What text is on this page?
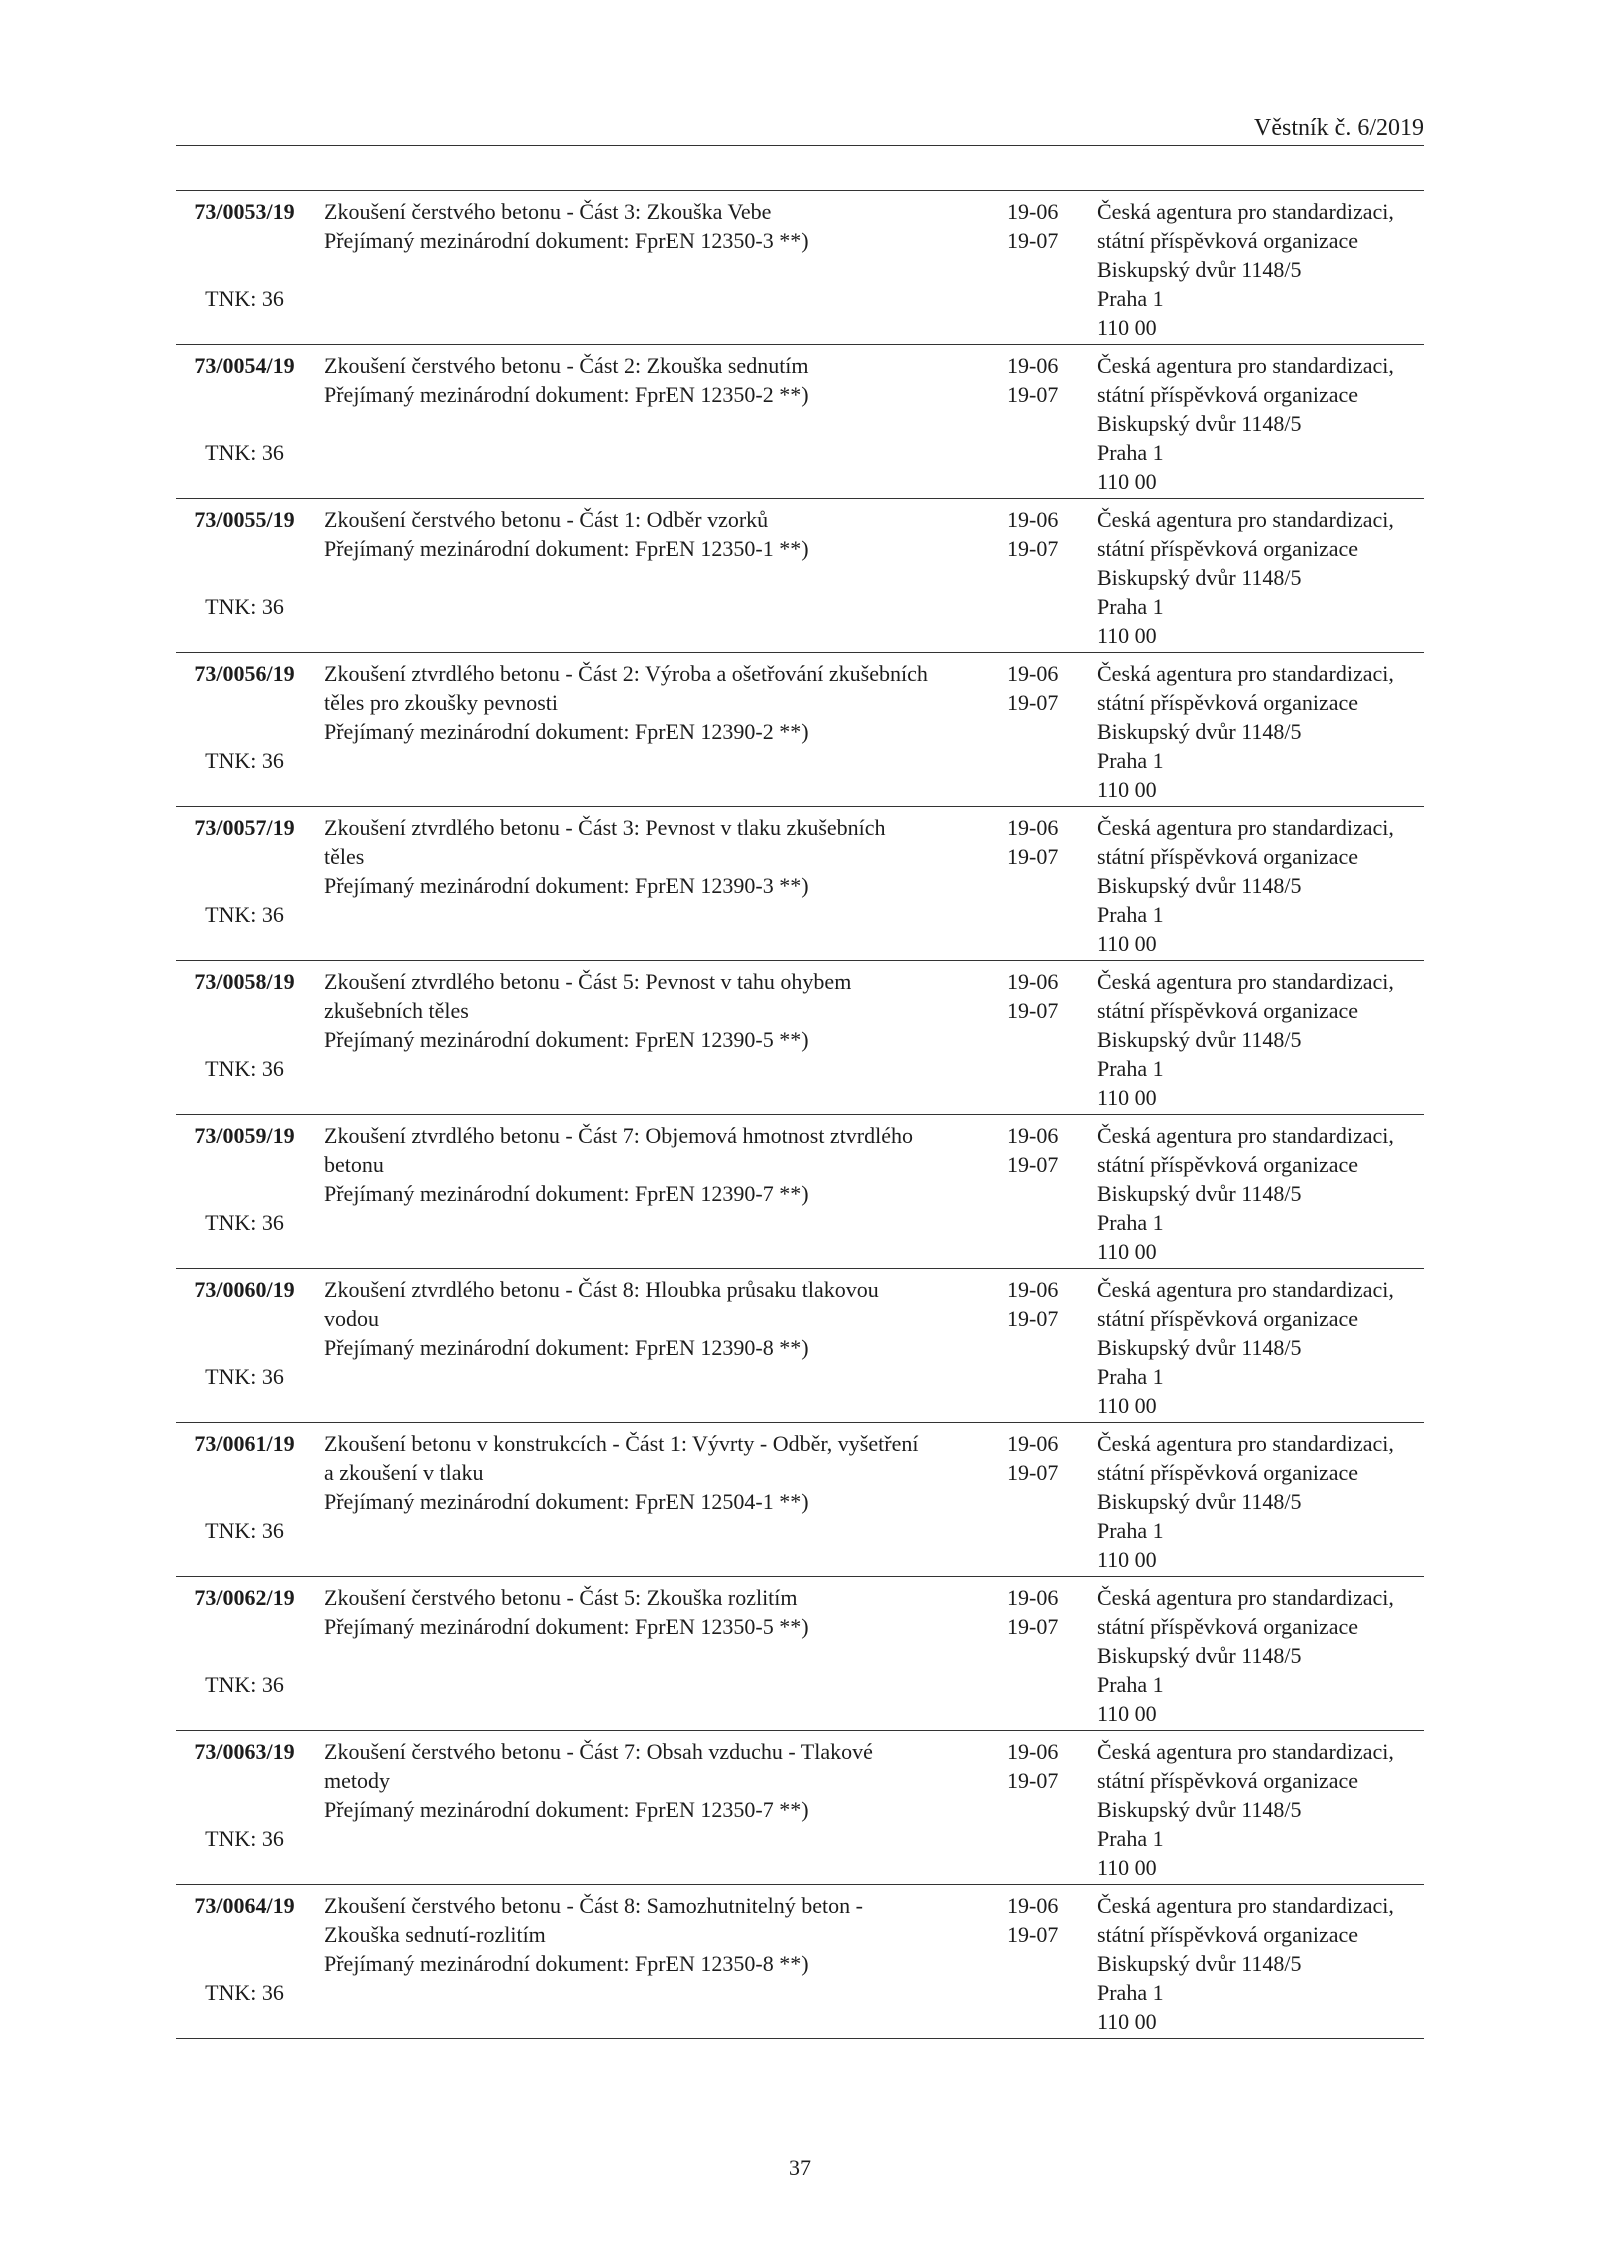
Věstník č. 6/2019
73/0053/19
TNK: 36
Zkoušení čerstvého betonu - Část 3: Zkouška Vebe
Přejímaný mezinárodní dokument: FprEN 12350-3 **)
19-06
19-07
Česká agentura pro standardizaci,
státní příspěvková organizace
Biskupský dvůr 1148/5
Praha 1
110 00
73/0054/19
TNK: 36
Zkoušení čerstvého betonu - Část 2: Zkouška sednutím
Přejímaný mezinárodní dokument: FprEN 12350-2 **)
19-06
19-07
Česká agentura pro standardizaci,
státní příspěvková organizace
Biskupský dvůr 1148/5
Praha 1
110 00
73/0055/19
TNK: 36
Zkoušení čerstvého betonu - Část 1: Odběr vzorků
Přejímaný mezinárodní dokument: FprEN 12350-1 **)
19-06
19-07
Česká agentura pro standardizaci,
státní příspěvková organizace
Biskupský dvůr 1148/5
Praha 1
110 00
73/0056/19
TNK: 36
Zkoušení ztvrdlého betonu - Část 2: Výroba a ošetřování zkušebních
těles pro zkoušky pevnosti
Přejímaný mezinárodní dokument: FprEN 12390-2 **)
19-06
19-07
Česká agentura pro standardizaci,
státní příspěvková organizace
Biskupský dvůr 1148/5
Praha 1
110 00
73/0057/19
TNK: 36
Zkoušení ztvrdlého betonu - Část 3: Pevnost v tlaku zkušebních
těles
Přejímaný mezinárodní dokument: FprEN 12390-3 **)
19-06
19-07
Česká agentura pro standardizaci,
státní příspěvková organizace
Biskupský dvůr 1148/5
Praha 1
110 00
73/0058/19
TNK: 36
Zkoušení ztvrdlého betonu - Část 5: Pevnost v tahu ohybem
zkušebních těles
Přejímaný mezinárodní dokument: FprEN 12390-5 **)
19-06
19-07
Česká agentura pro standardizaci,
státní příspěvková organizace
Biskupský dvůr 1148/5
Praha 1
110 00
73/0059/19
TNK: 36
Zkoušení ztvrdlého betonu - Část 7: Objemová hmotnost ztvrdlého
betonu
Přejímaný mezinárodní dokument: FprEN 12390-7 **)
19-06
19-07
Česká agentura pro standardizaci,
státní příspěvková organizace
Biskupský dvůr 1148/5
Praha 1
110 00
73/0060/19
TNK: 36
Zkoušení ztvrdlého betonu - Část 8: Hloubka průsaku tlakovou
vodou
Přejímaný mezinárodní dokument: FprEN 12390-8 **)
19-06
19-07
Česká agentura pro standardizaci,
státní příspěvková organizace
Biskupský dvůr 1148/5
Praha 1
110 00
73/0061/19
TNK: 36
Zkoušení betonu v konstrukcích - Část 1: Vývrty - Odběr, vyšetření
a zkoušení v tlaku
Přejímaný mezinárodní dokument: FprEN 12504-1 **)
19-06
19-07
Česká agentura pro standardizaci,
státní příspěvková organizace
Biskupský dvůr 1148/5
Praha 1
110 00
73/0062/19
TNK: 36
Zkoušení čerstvého betonu - Část 5: Zkouška rozlitím
Přejímaný mezinárodní dokument: FprEN 12350-5 **)
19-06
19-07
Česká agentura pro standardizaci,
státní příspěvková organizace
Biskupský dvůr 1148/5
Praha 1
110 00
73/0063/19
TNK: 36
Zkoušení čerstvého betonu - Část 7: Obsah vzduchu - Tlakové
metody
Přejímaný mezinárodní dokument: FprEN 12350-7 **)
19-06
19-07
Česká agentura pro standardizaci,
státní příspěvková organizace
Biskupský dvůr 1148/5
Praha 1
110 00
73/0064/19
TNK: 36
Zkoušení čerstvého betonu - Část 8: Samozhutnitelný beton -
Zkouška sednutí-rozlitím
Přejímaný mezinárodní dokument: FprEN 12350-8 **)
19-06
19-07
Česká agentura pro standardizaci,
státní příspěvková organizace
Biskupský dvůr 1148/5
Praha 1
110 00
37
